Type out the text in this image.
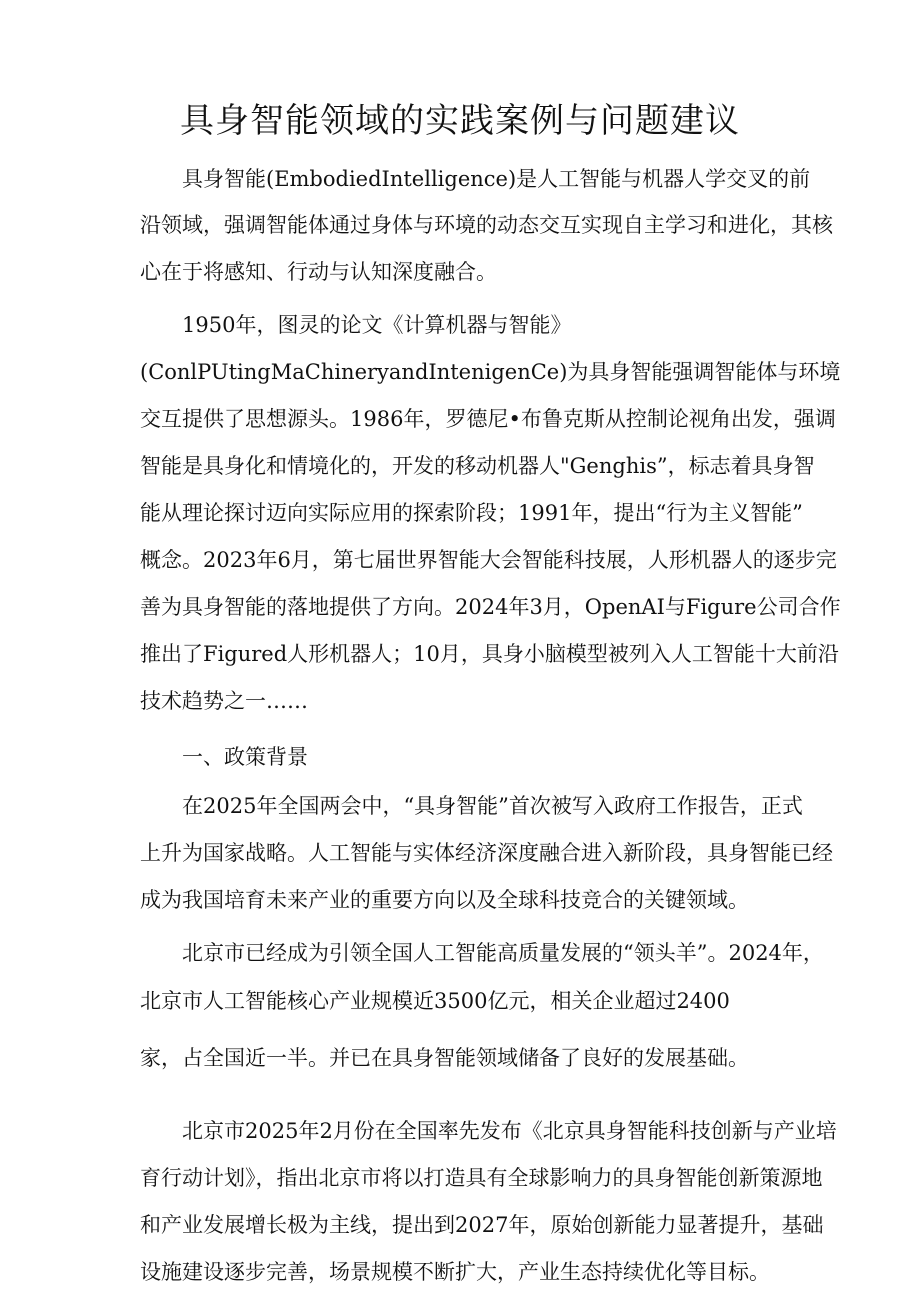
具身智能领域的实践案例与问题建议
具身智能(EmbodiedIntelligence)是人工智能与机器人学交叉的前
沿领域，强调智能体通过身体与环境的动态交互实现自主学习和进化，其核
心在于将感知、行动与认知深度融合。
1950年，图灵的论文《计算机器与智能》
(ConlPUtingMaChineryandIntenigenCe)为具身智能强调智能体与环境
交互提供了思想源头。1986年，罗德尼•布鲁克斯从控制论视角出发，强调
智能是具身化和情境化的，开发的移动机器人"Genghis”，标志着具身智
能从理论探讨迈向实际应用的探索阶段；1991年，提出“行为主义智能”
概念。2023年6月，第七届世界智能大会智能科技展，人形机器人的逐步完
善为具身智能的落地提供了方向。2024年3月，OpenAI与Figure公司合作
推出了Figured人形机器人；10月，具身小脑模型被列入人工智能十大前沿
技术趋势之一……
一、政策背景
在2025年全国两会中，“具身智能”首次被写入政府工作报告，正式
上升为国家战略。人工智能与实体经济深度融合进入新阶段，具身智能已经
成为我国培育未来产业的重要方向以及全球科技竞合的关键领域。
北京市已经成为引领全国人工智能高质量发展的“领头羊”。2024年，
北京市人工智能核心产业规模近3500亿元，相关企业超过2400
家，占全国近一半。并已在具身智能领域储备了良好的发展基础。
北京市2025年2月份在全国率先发布《北京具身智能科技创新与产业培
育行动计划》，指出北京市将以打造具有全球影响力的具身智能创新策源地
和产业发展增长极为主线，提出到2027年，原始创新能力显著提升，基础
设施建设逐步完善，场景规模不断扩大，产业生态持续优化等目标。
